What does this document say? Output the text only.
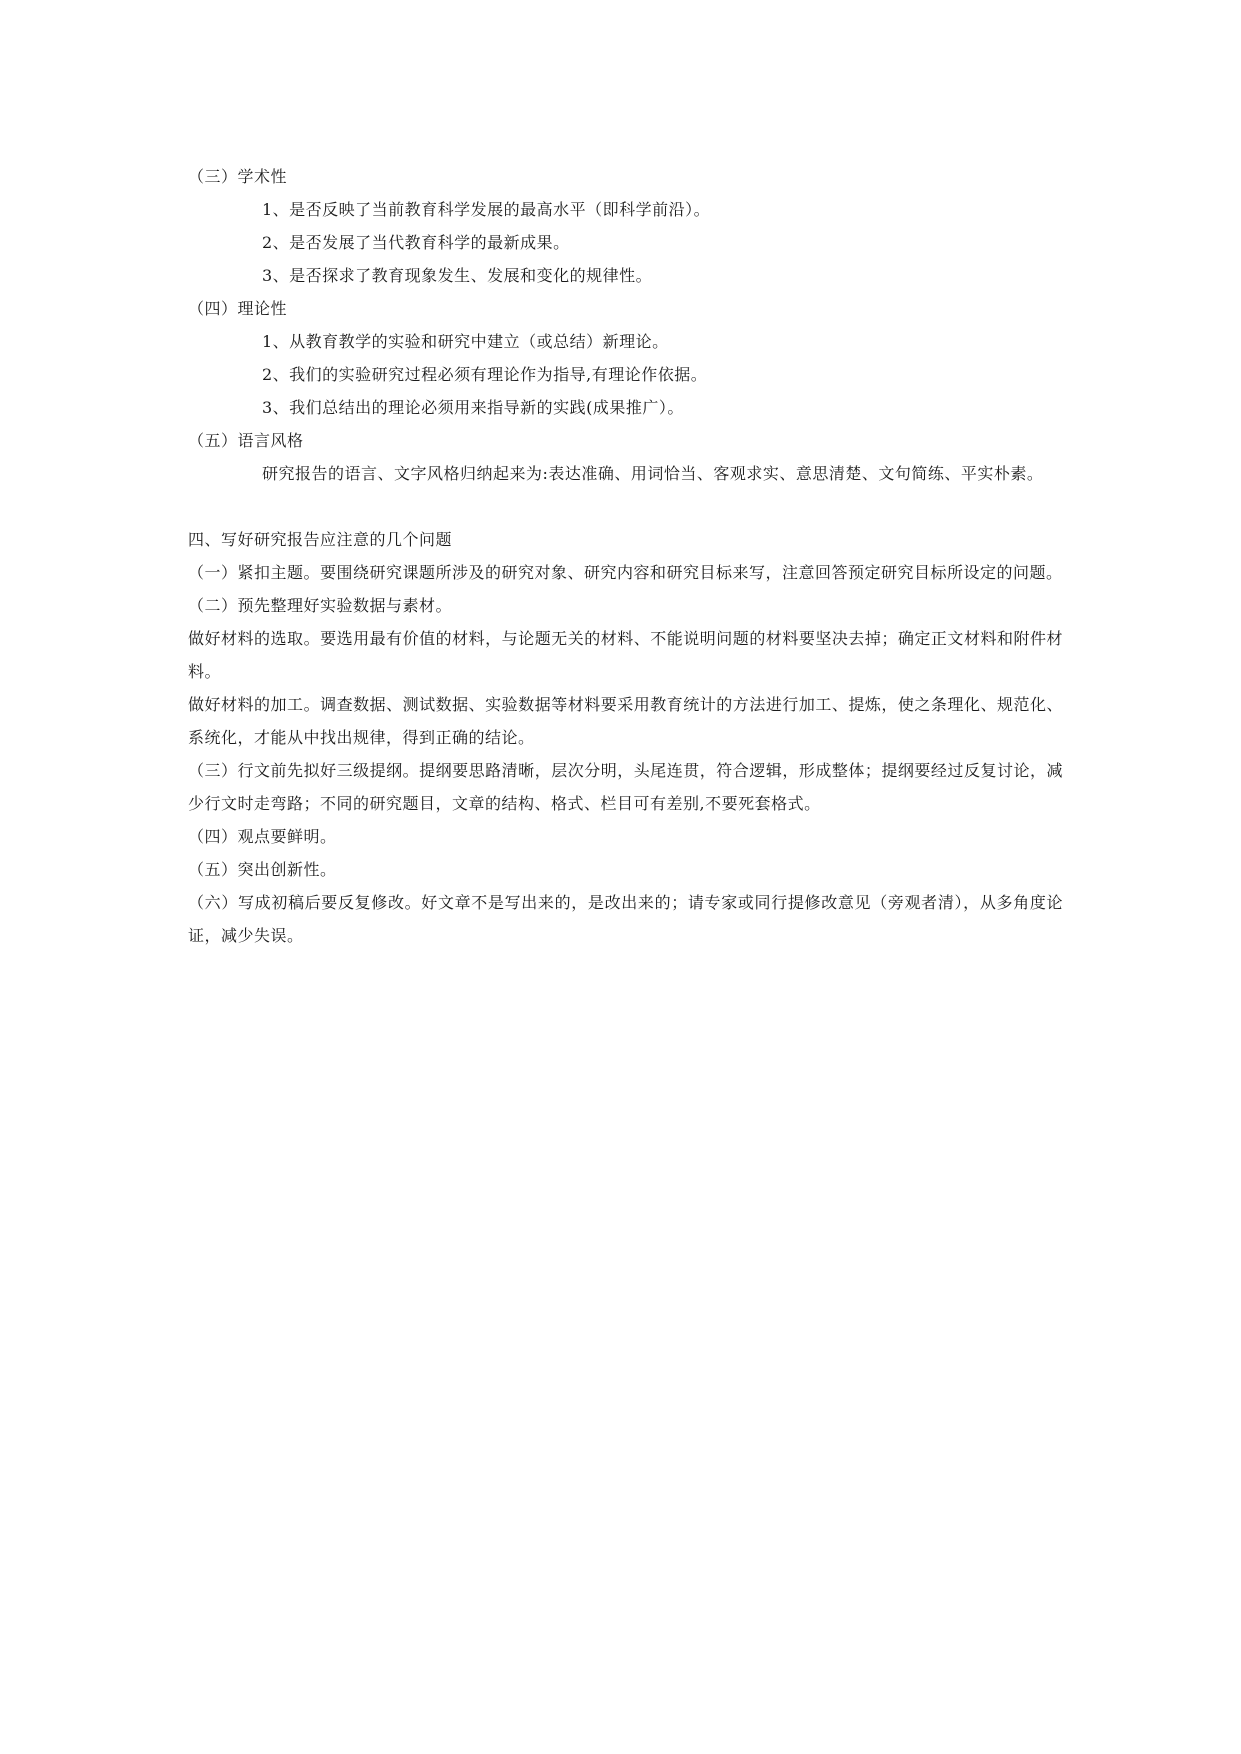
（三）学术性
1、是否反映了当前教育科学发展的最高水平（即科学前沿）。
2、是否发展了当代教育科学的最新成果。
3、是否探求了教育现象发生、发展和变化的规律性。
（四）理论性
1、从教育教学的实验和研究中建立（或总结）新理论。
2、我们的实验研究过程必须有理论作为指导,有理论作依据。
3、我们总结出的理论必须用来指导新的实践(成果推广）。
（五）语言风格

研究报告的语言、文字风格归纳起来为:表达准确、用词恰当、客观求实、意思清楚、文句简练、平实朴素。

四、写好研究报告应注意的几个问题

（一）紧扣主题。要围绕研究课题所涉及的研究对象、研究内容和研究目标来写，注意回答预定研究目标所设定的问题。

（二）预先整理好实验数据与素材。

做好材料的选取。要选用最有价值的材料，与论题无关的材料、不能说明问题的材料要坚决去掉；确定正文材料和附件材料。

做好材料的加工。调查数据、测试数据、实验数据等材料要采用教育统计的方法进行加工、提炼，使之条理化、规范化、系统化，才能从中找出规律，得到正确的结论。

（三）行文前先拟好三级提纲。提纲要思路清晰，层次分明，头尾连贯，符合逻辑，形成整体；提纲要经过反复讨论，减少行文时走弯路；不同的研究题目，文章的结构、格式、栏目可有差别,不要死套格式。

（四）观点要鲜明。

（五）突出创新性。

（六）写成初稿后要反复修改。好文章不是写出来的，是改出来的；请专家或同行提修改意见（旁观者清），从多角度论证，减少失误。
